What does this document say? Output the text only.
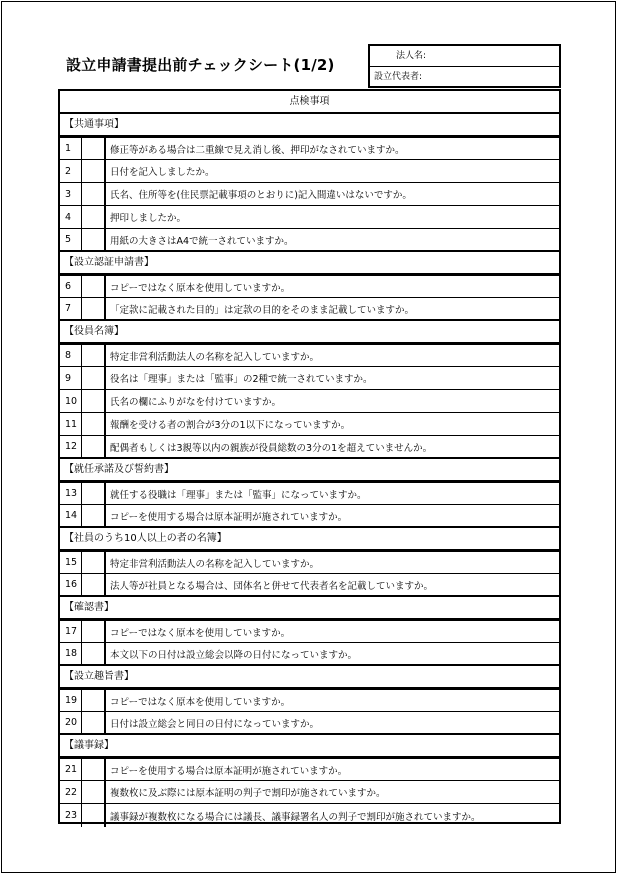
設立申請書提出前チェックシート(1/2)	法人名:
設立代表者:
点検事項
【共通事項】
1	修正等がある場合は二重線で見え消し後、押印がなされていますか。
2	日付を記入しましたか。
3	氏名、住所等を(住民票記載事項のとおりに)記入間違いはないですか。
4	押印しましたか。
5	用紙の大きさはA4で統一されていますか。
【設立認証申請書】
6	コピーではなく原本を使用していますか。
7	「定款に記載された目的」は定款の目的をそのまま記載していますか。
【役員名簿】
8	特定非営利活動法人の名称を記入していますか。
9	役名は「理事」または「監事」の2種で統一されていますか。
10	氏名の欄にふりがなを付けていますか。
11	報酬を受ける者の割合が3分の1以下になっていますか。
12	配偶者もしくは3親等以内の親族が役員総数の3分の1を超えていませんか。
【就任承諾及び誓約書】
13	就任する役職は「理事」または「監事」になっていますか。
14	コピーを使用する場合は原本証明が施されていますか。
【社員のうち10人以上の者の名簿】
15	特定非営利活動法人の名称を記入していますか。
16	法人等が社員となる場合は、団体名と併せて代表者名を記載していますか。
【確認書】
17	コピーではなく原本を使用していますか。
18	本文以下の日付は設立総会以降の日付になっていますか。
【設立趣旨書】
19	コピーではなく原本を使用していますか。
20	日付は設立総会と同日の日付になっていますか。
【議事録】
21	コピーを使用する場合は原本証明が施されていますか。
22	複数枚に及ぶ際には原本証明の判子で割印が施されていますか。
23	議事録が複数枚になる場合には議長、議事録署名人の判子で割印が施されていますか。
